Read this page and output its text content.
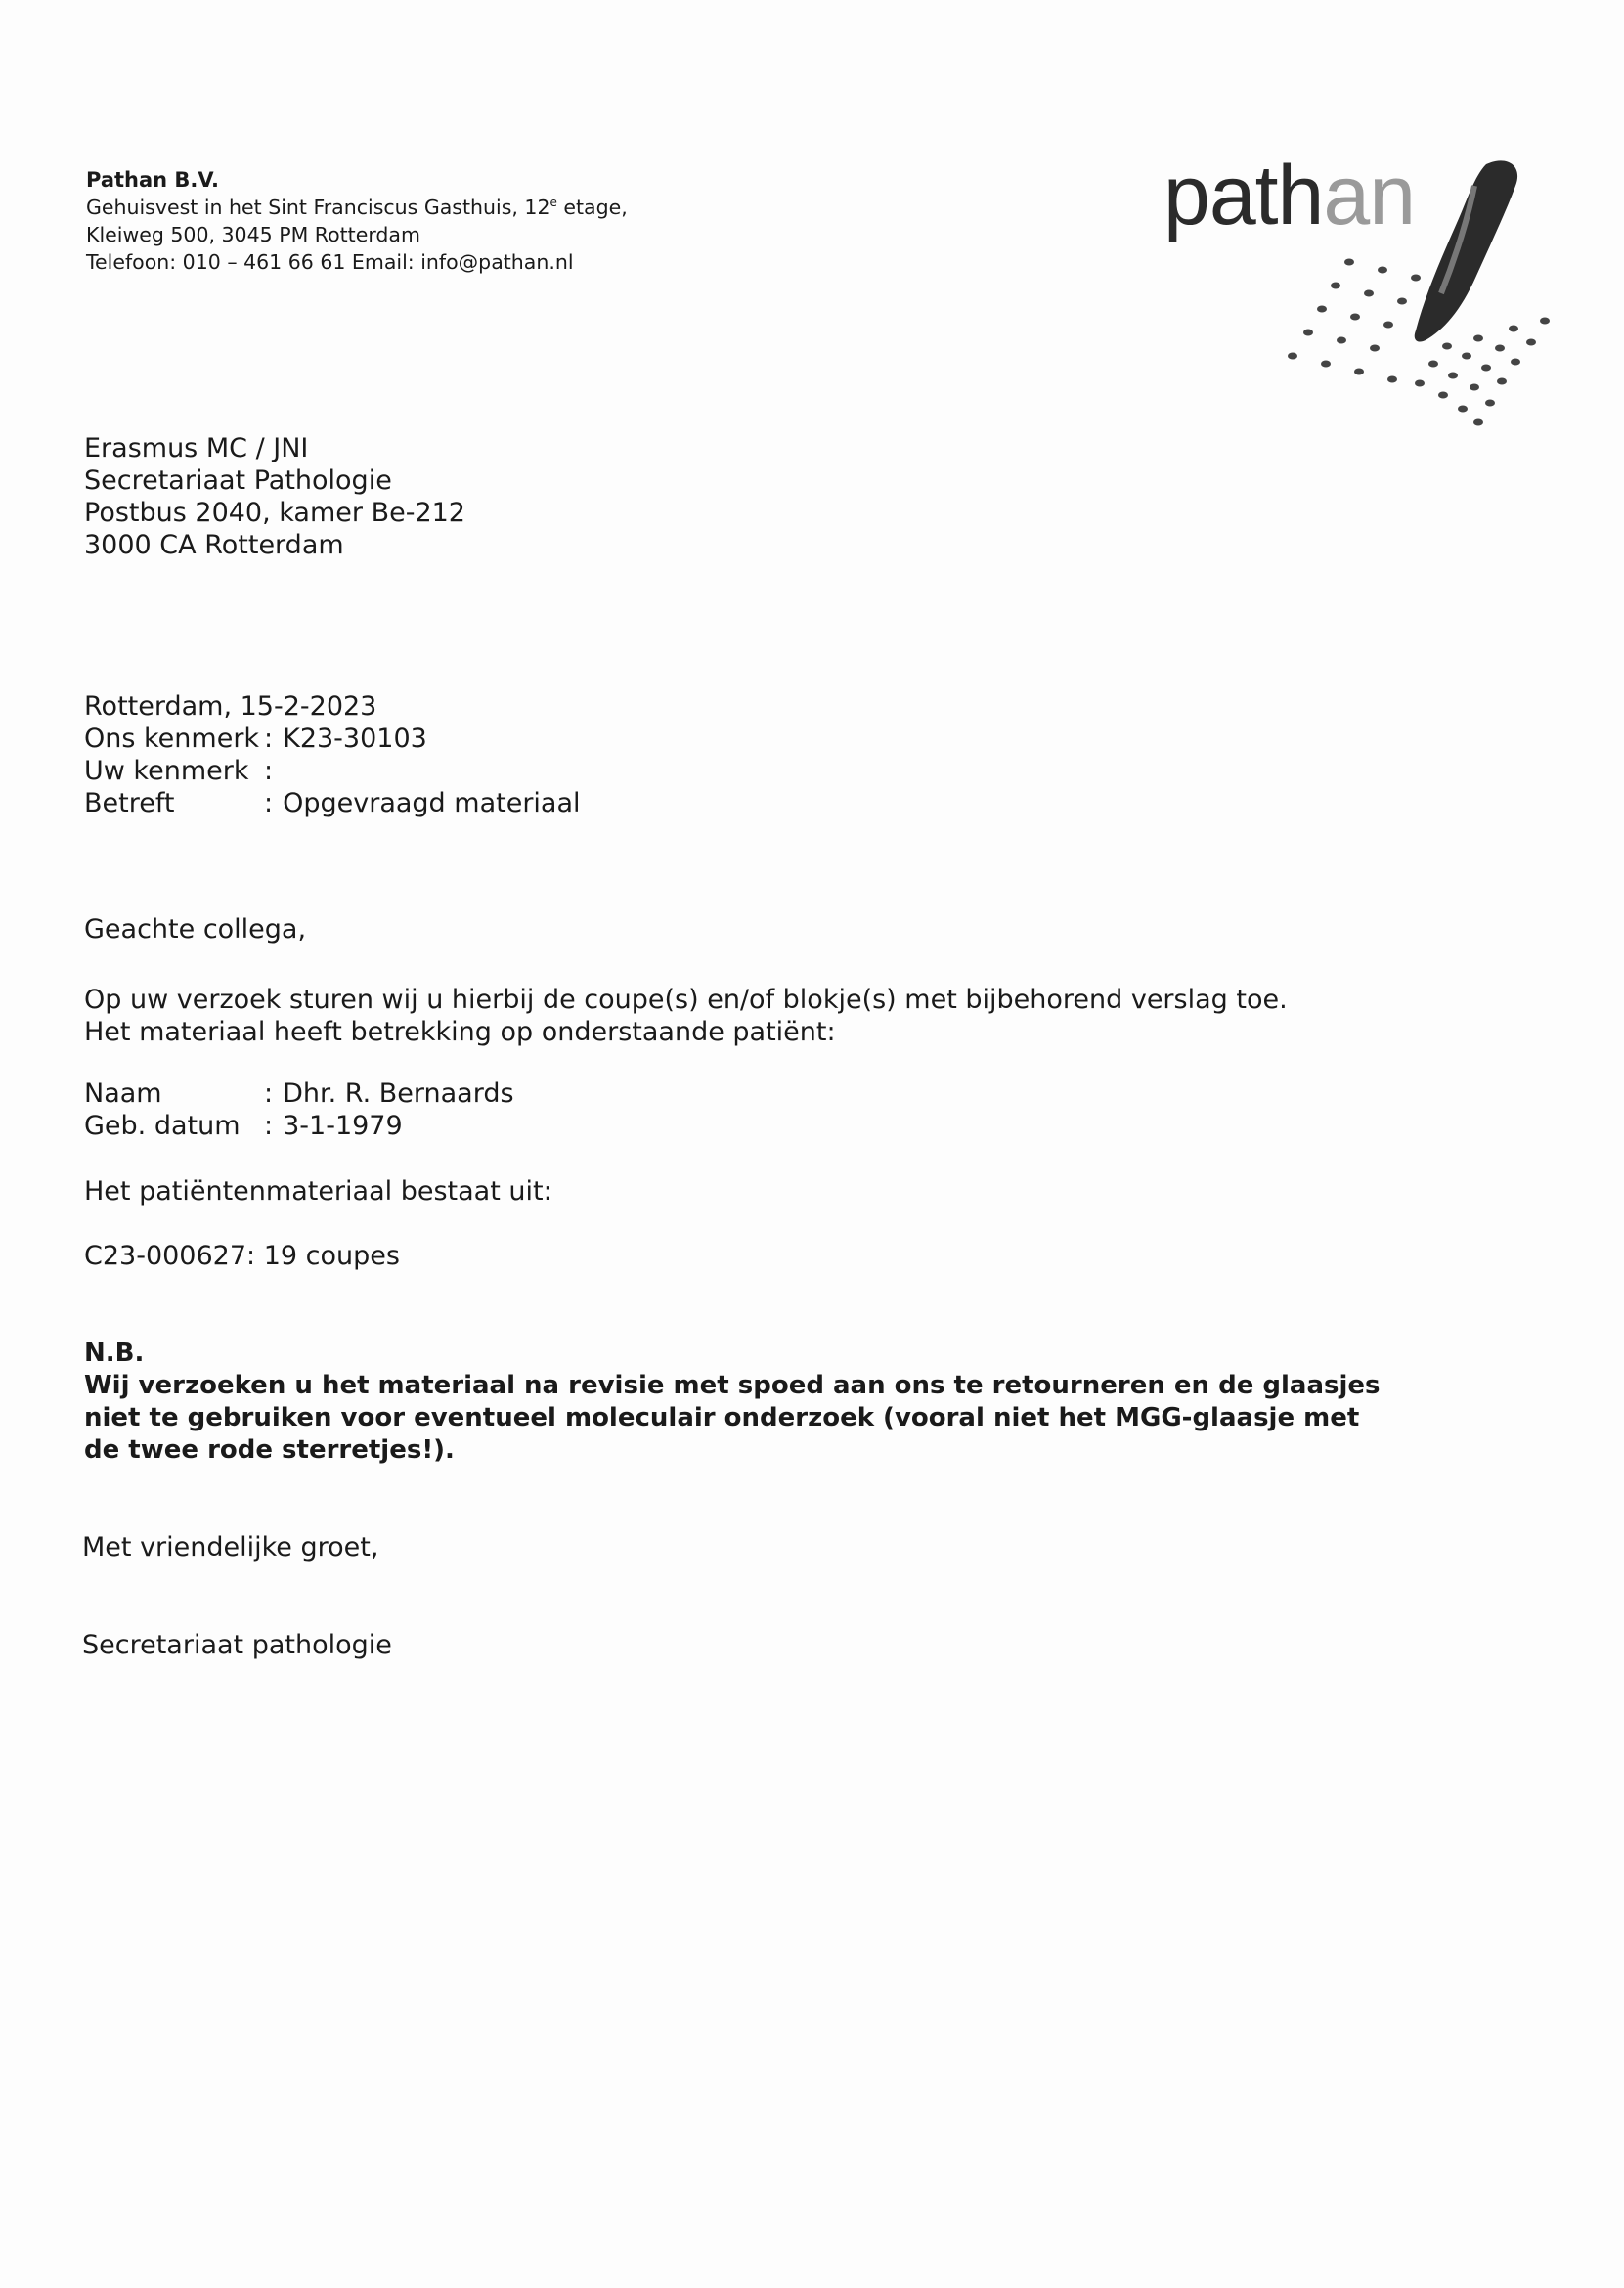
Pathan B.V.
Gehuisvest in het Sint Franciscus Gasthuis, 12e etage,
Kleiweg 500, 3045 PM Rotterdam
Telefoon: 010 – 461 66 61 Email: info@pathan.nl
pathan
Erasmus MC / JNI
Secretariaat Pathologie
Postbus 2040, kamer Be-212
3000 CA Rotterdam
Rotterdam, 15-2-2023
Ons kenmerk : K23-30103
Uw kenmerk :
Betreft	: Opgevraagd materiaal
Geachte collega,
Op uw verzoek sturen wij u hierbij de coupe(s) en/of blokje(s) met bijbehorend verslag toe.
Het materiaal heeft betrekking op onderstaande patiënt:
Naam	: Dhr. R. Bernaards
Geb. datum : 3-1-1979
Het patiëntenmateriaal bestaat uit:
C23-000627: 19 coupes
N.B.
Wij verzoeken u het materiaal na revisie met spoed aan ons te retourneren en de glaasjes
niet te gebruiken voor eventueel moleculair onderzoek (vooral niet het MGG-glaasje met
de twee rode sterretjes!).
Met vriendelijke groet,
Secretariaat pathologie
